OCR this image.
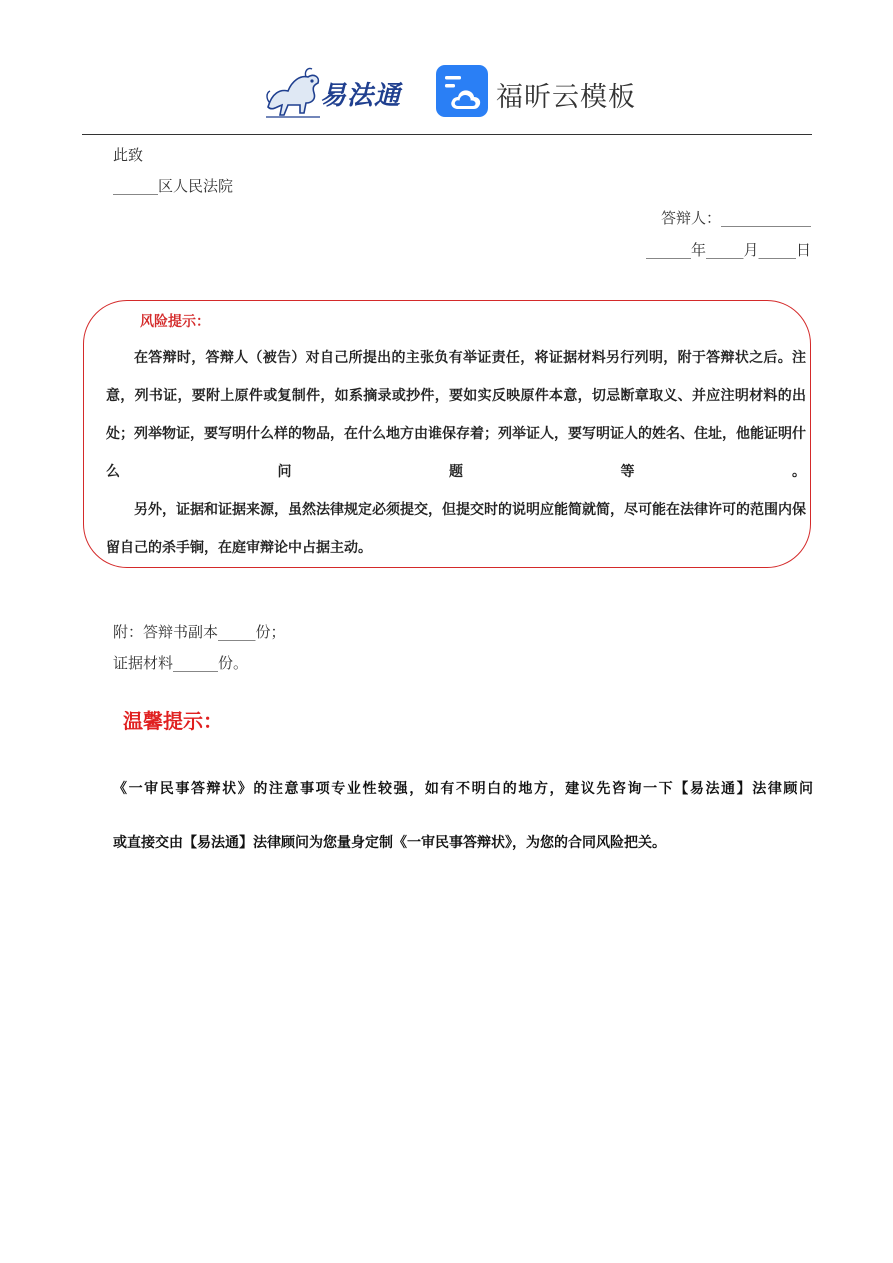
易法通	福昕云模板
此致
______区人民法院
答辩人：____________
______年_____月_____日
风险提示：

在答辩时，答辩人（被告）对自己所提出的主张负有举证责任，将证据材料另行列明，附于答辩状之后。注意，列书证，要附上原件或复制件，如系摘录或抄件，要如实反映原件本意，切忌断章取义、并应注明材料的出处；列举物证，要写明什么样的物品，在什么地方由谁保存着；列举证人，要写明证人的姓名、住址，他能证明什么问题等。

另外，证据和证据来源，虽然法律规定必须提交，但提交时的说明应能简就简，尽可能在法律许可的范围内保留自己的杀手锏，在庭审辩论中占据主动。

附：答辩书副本_____份；
证据材料______份。
温馨提示：
《一审民事答辩状》的注意事项专业性较强，如有不明白的地方，建议先咨询一下【易法通】法律顾问
或直接交由【易法通】法律顾问为您量身定制《一审民事答辩状》，为您的合同风险把关。
